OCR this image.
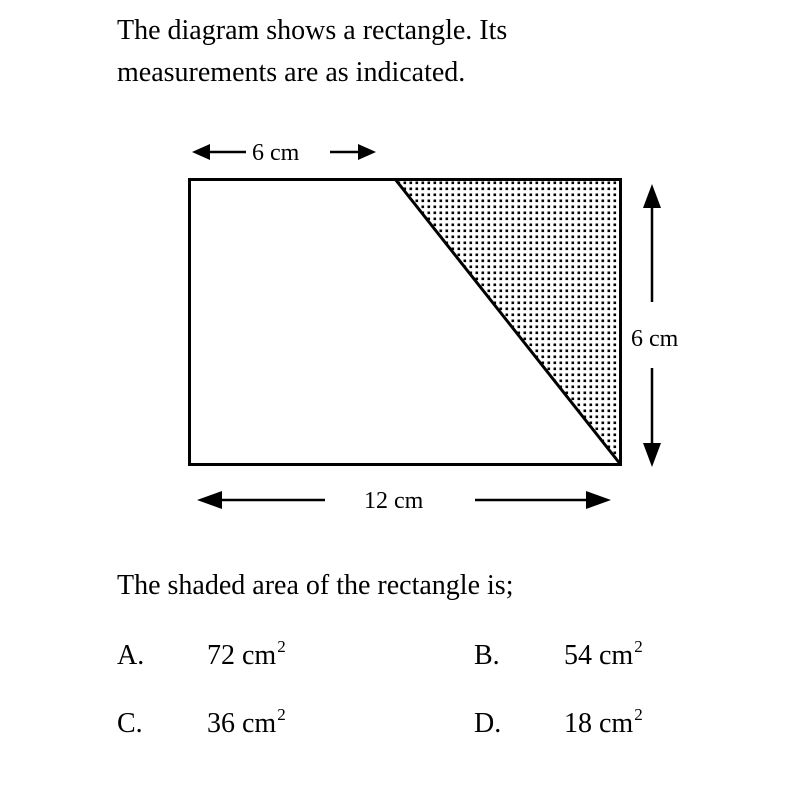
The diagram shows a rectangle. Its
measurements are as indicated.

6 cm
6 cm
12 cm

The shaded area of the rectangle is;

A. 72 $cm^2$	B. 54 $cm^2$
C. 36 $cm^2$	D. 18 $cm^2$
